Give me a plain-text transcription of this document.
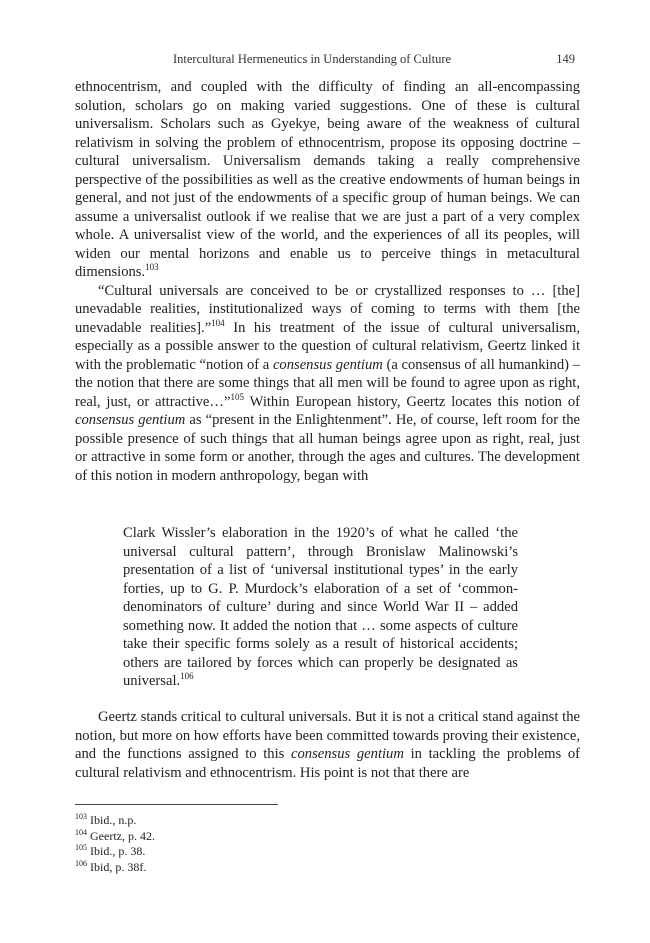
Intercultural Hermeneutics in Understanding of Culture	149

ethnocentrism, and coupled with the difficulty of finding an all-encompassing solution, scholars go on making varied suggestions. One of these is cultural universalism. Scholars such as Gyekye, being aware of the weakness of cultural relativism in solving the problem of ethnocentrism, propose its opposing doctrine – cultural universalism. Universalism demands taking a really comprehensive perspective of the possibilities as well as the creative endowments of human beings in general, and not just of the endowments of a specific group of human beings. We can assume a universalist outlook if we realise that we are just a part of a very complex whole. A universalist view of the world, and the experiences of all its peoples, will widen our mental horizons and enable us to perceive things in metacultural dimensions.$^{103}$

“Cultural universals are conceived to be or crystallized responses to … [the] unevadable realities, institutionalized ways of coming to terms with them [the unevadable realities].”$^{104}$ In his treatment of the issue of cultural universalism, especially as a possible answer to the question of cultural relativism, Geertz linked it with the problematic “notion of a consensus gentium (a consensus of all humankind) – the notion that there are some things that all men will be found to agree upon as right, real, just, or attractive…”$^{105}$ Within European history, Geertz locates this notion of consensus gentium as “present in the Enlightenment”. He, of course, left room for the possible presence of such things that all human beings agree upon as right, real, just or attractive in some form or another, through the ages and cultures. The development of this notion in modern anthropology, began with

Clark Wissler’s elaboration in the 1920’s of what he called ‘the universal cultural pattern’, through Bronislaw Malinowski’s presentation of a list of ‘universal institutional types’ in the early forties, up to G. P. Murdock’s elaboration of a set of ‘common-denominators of culture’ during and since World War II – added something now. It added the notion that … some aspects of culture take their specific forms solely as a result of historical accidents; others are tailored by forces which can properly be designated as universal.$^{106}$

Geertz stands critical to cultural universals. But it is not a critical stand against the notion, but more on how efforts have been committed towards proving their existence, and the functions assigned to this consensus gentium in tackling the problems of cultural relativism and ethnocentrism. His point is not that there are

$^{103}$ Ibid., n.p.

$^{104}$ Geertz, p. 42.

$^{105}$ Ibid., p. 38.

$^{106}$ Ibid, p. 38f.
